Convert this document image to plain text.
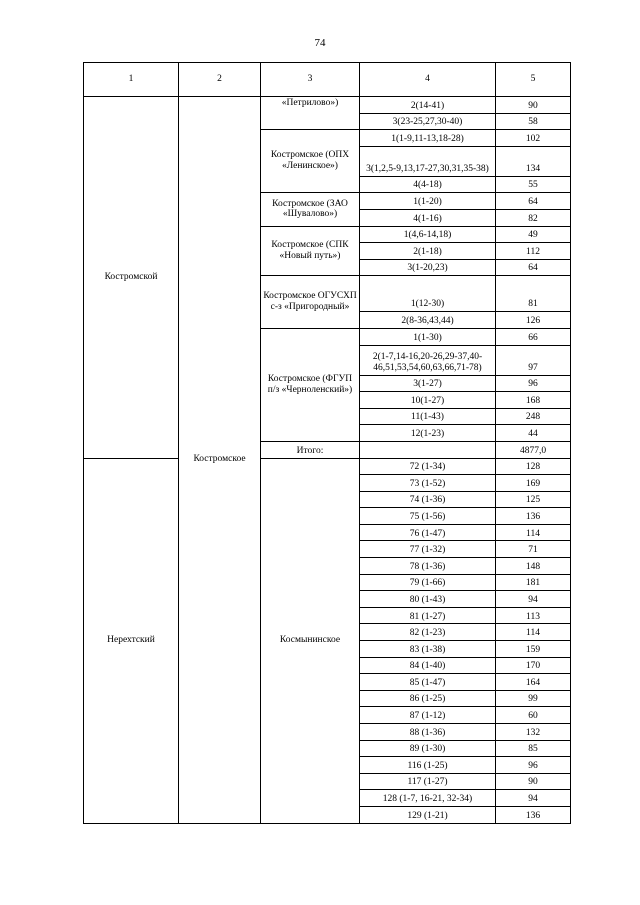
74
1	2	3	4	5
Костромской	Костромское	«Петрилово»)	2(14-41)	90
			3(23-25,27,30-40)	58
		Костромское (ОПХ «Ленинское»)	1(1-9,11-13,18-28)	102
			3(1,2,5-9,13,17-27,30,31,35-38)	134
			4(4-18)	55
		Костромское (ЗАО «Шувалово»)	1(1-20)	64
			4(1-16)	82
		Костромское (СПК «Новый путь»)	1(4,6-14,18)	49
			2(1-18)	112
			3(1-20,23)	64
		Костромское ОГУСХП с-з «Пригородный»	1(12-30)	81
			2(8-36,43,44)	126
		Костромское (ФГУП п/з «Черноленский»)	1(1-30)	66
			2(1-7,14-16,20-26,29-37,40-46,51,53,54,60,63,66,71-78)	97
			3(1-27)	96
			10(1-27)	168
			11(1-43)	248
			12(1-23)	44
		Итого:		4877,0
Нерехтский		Космынинское	72 (1-34)	128
			73 (1-52)	169
			74 (1-36)	125
			75 (1-56)	136
			76 (1-47)	114
			77 (1-32)	71
			78 (1-36)	148
			79 (1-66)	181
			80 (1-43)	94
			81 (1-27)	113
			82 (1-23)	114
			83 (1-38)	159
			84 (1-40)	170
			85 (1-47)	164
			86 (1-25)	99
			87 (1-12)	60
			88 (1-36)	132
			89 (1-30)	85
			116 (1-25)	96
			117 (1-27)	90
			128 (1-7, 16-21, 32-34)	94
			129 (1-21)	136
